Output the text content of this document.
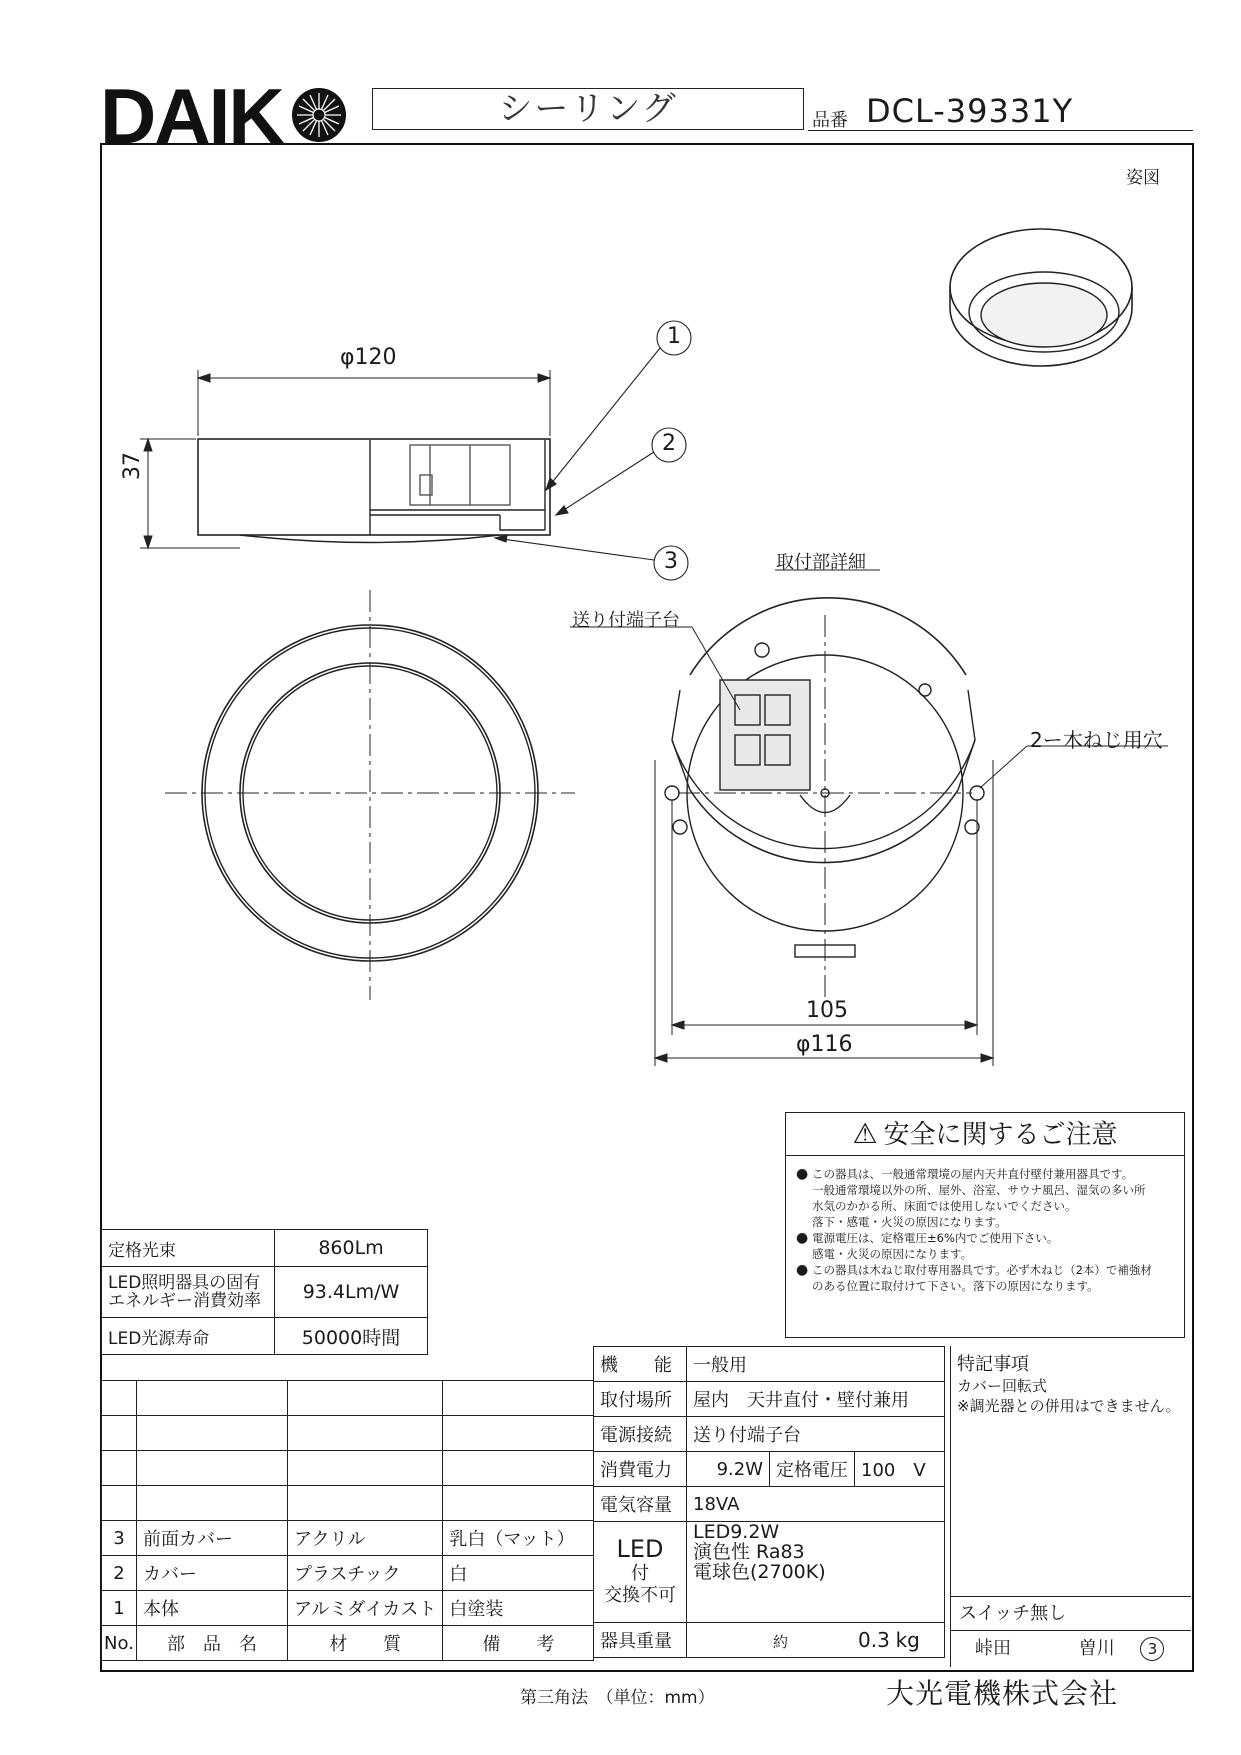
DAIK	シーリング	品番 DCL-39331Y
姿図
φ120
37
1
2
3	取付部詳細
送り付端子台
2ー木ねじ用穴
105
φ116
⚠ 安全に関するご注意
● この器具は、一般通常環境の屋内天井直付壁付兼用器具です。
一般通常環境以外の所、屋外、浴室、サウナ風呂、湿気の多い所
水気のかかる所、床面では使用しないでください。
落下・感電・火災の原因になります。
● 電源電圧は、定格電圧±6%内でご使用下さい。
感電・火災の原因になります。
● この器具は木ねじ取付専用器具です。必ず木ねじ（2本）で補強材
のある位置に取付けて下さい。落下の原因になります。
定格光束	860Lm
LED照明器具の固有
エネルギー消費効率	93.4Lm/W
LED光源寿命	50000時間

3	前面カバー	アクリル	乳白（マット）
2	カバー	プラスチック	白
1	本体	アルミダイカスト	白塗装
No.	部　品　名	材　　質	備　　考
機　　能	一般用		
取付場所	屋内　天井直付・壁付兼用		
電源接続	送り付端子台		
消費電力	9.2W	定格電圧	100　 V
電気容量	18VA		
LED
付
交換不可	LED9.2W
演色性 Ra83
電球色(2700K)		
器具重量	約 0.3 kg		
特記事項
カバー回転式
※調光器との併用はできません。
スイッチ無し
峠田	曽川 3
第三角法　（単位：mm）	大光電機株式会社
